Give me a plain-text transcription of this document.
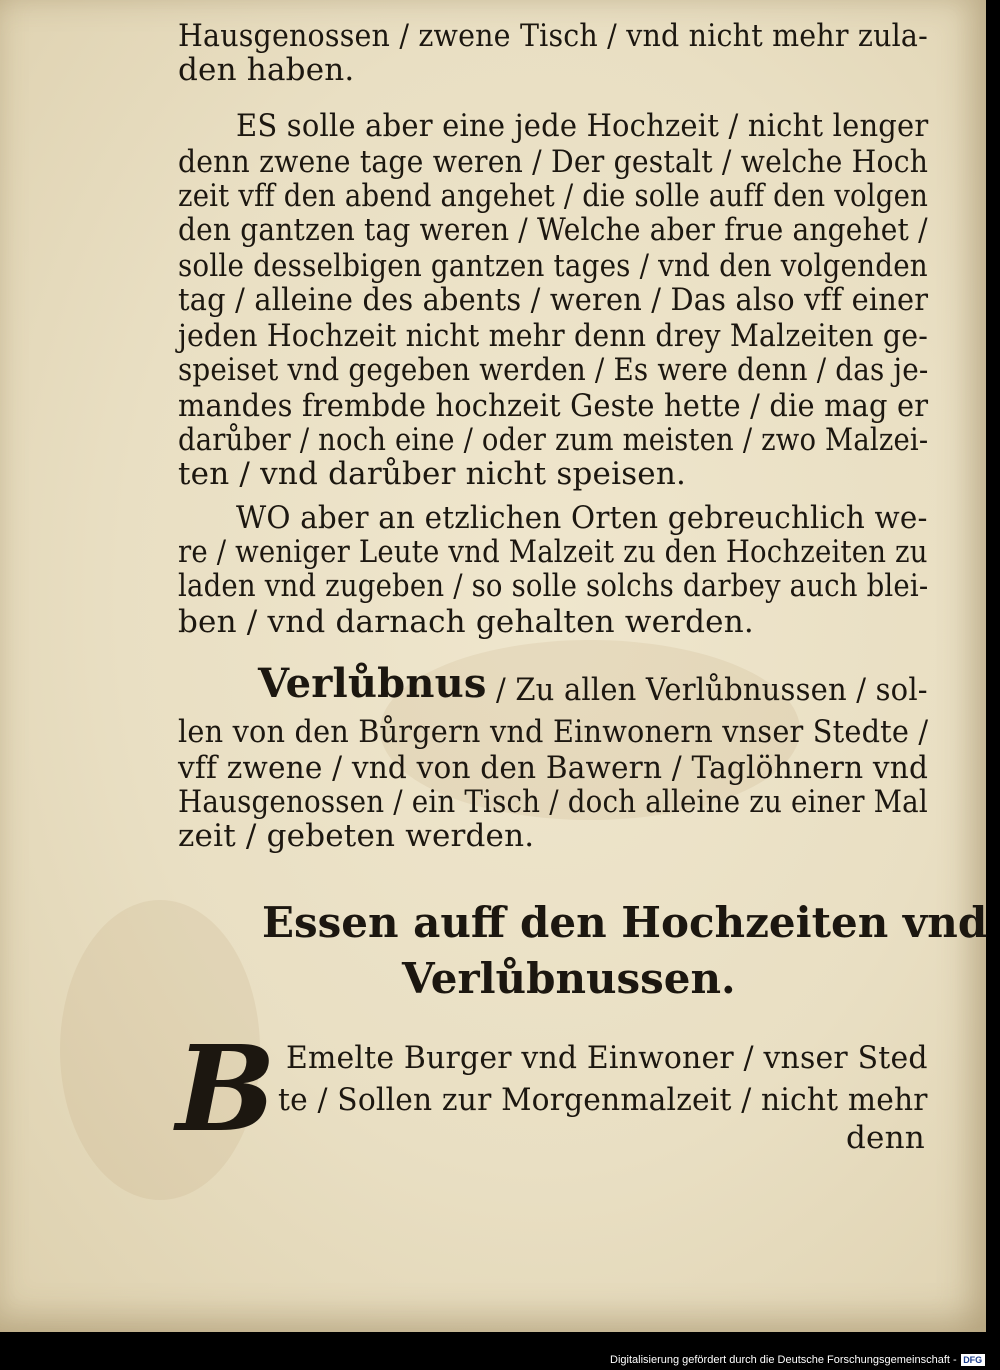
Hausgenossen / zwene Tisch / vnd nicht mehr zula-
den haben.
ES solle aber eine jede Hochzeit / nicht lenger
denn zwene tage weren / Der gestalt / welche Hoch
zeit vff den abend angehet / die solle auff den volgen
den gantzen tag weren / Welche aber frue angehet /
solle desselbigen gantzen tages / vnd den volgenden
tag / alleine des abents / weren / Das also vff einer
jeden Hochzeit nicht mehr denn drey Malzeiten ge-
speiset vnd gegeben werden / Es were denn / das je-
mandes frembde hochzeit Geste hette / die mag er
darůber / noch eine / oder zum meisten / zwo Malzei-
ten / vnd darůber nicht speisen.
WO aber an etzlichen Orten gebreuchlich we-
re / weniger Leute vnd Malzeit zu den Hochzeiten zu
laden vnd zugeben / so solle solchs darbey auch blei-
ben / vnd darnach gehalten werden.
Verlůbnus / Zu allen Verlůbnussen / sol-
len von den Bůrgern vnd Einwonern vnser Stedte /
vff zwene / vnd von den Bawern / Taglöhnern vnd
Hausgenossen / ein Tisch / doch alleine zu einer Mal
zeit / gebeten werden.
Essen auff den Hochzeiten vnd
Verlůbnussen.
B Emelte Burger vnd Einwoner / vnser Sted
te / Sollen zur Morgenmalzeit / nicht mehr
denn
Digitalisierung gefördert durch die Deutsche Forschungsgemeinschaft - DFG
